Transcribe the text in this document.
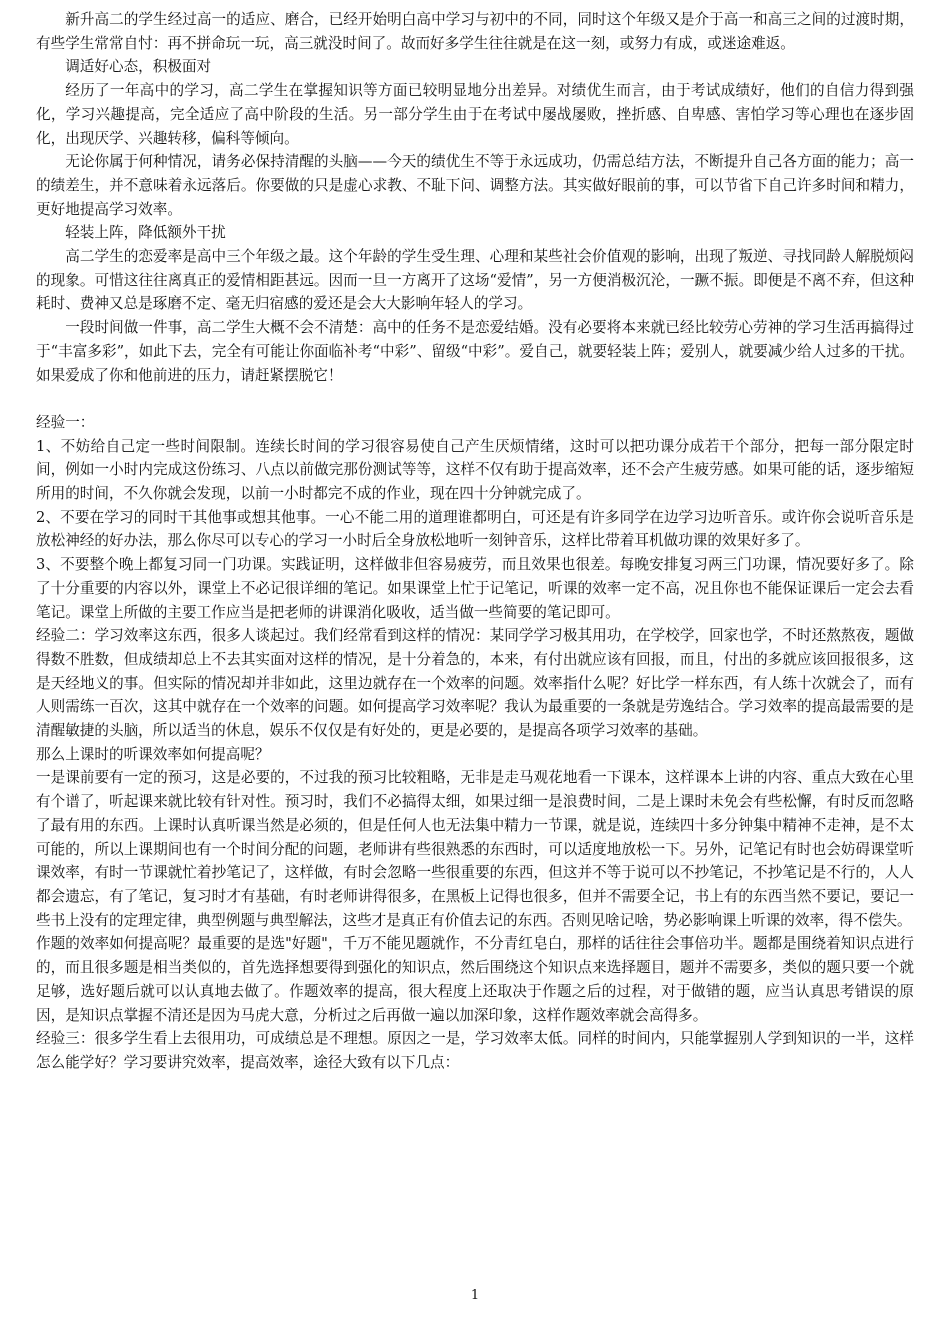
新升高二的学生经过高一的适应、磨合，已经开始明白高中学习与初中的不同，同时这个年级又是介于高一和高三之间的过渡时期，有些学生常常自忖：再不拼命玩一玩，高三就没时间了。故而好多学生往往就是在这一刻，或努力有成，或迷途难返。

调适好心态，积极面对

经历了一年高中的学习，高二学生在掌握知识等方面已较明显地分出差异。对绩优生而言，由于考试成绩好，他们的自信力得到强化，学习兴趣提高，完全适应了高中阶段的生活。另一部分学生由于在考试中屡战屡败，挫折感、自卑感、害怕学习等心理也在逐步固化，出现厌学、兴趣转移，偏科等倾向。

无论你属于何种情况，请务必保持清醒的头脑——今天的绩优生不等于永远成功，仍需总结方法，不断提升自己各方面的能力；高一的绩差生，并不意味着永远落后。你要做的只是虚心求教、不耻下问、调整方法。其实做好眼前的事，可以节省下自己许多时间和精力，更好地提高学习效率。

轻装上阵，降低额外干扰

高二学生的恋爱率是高中三个年级之最。这个年龄的学生受生理、心理和某些社会价值观的影响，出现了叛逆、寻找同龄人解脱烦闷的现象。可惜这往往离真正的爱情相距甚远。因而一旦一方离开了这场“爱情”，另一方便消极沉沦，一蹶不振。即便是不离不弃，但这种耗时、费神又总是琢磨不定、毫无归宿感的爱还是会大大影响年轻人的学习。

一段时间做一件事，高二学生大概不会不清楚：高中的任务不是恋爱结婚。没有必要将本来就已经比较劳心劳神的学习生活再搞得过于“丰富多彩”，如此下去，完全有可能让你面临补考“中彩”、留级“中彩”。爱自己，就要轻装上阵；爱别人，就要减少给人过多的干扰。如果爱成了你和他前进的压力，请赶紧摆脱它！

经验一：

1、不妨给自己定一些时间限制。连续长时间的学习很容易使自己产生厌烦情绪，这时可以把功课分成若干个部分，把每一部分限定时间，例如一小时内完成这份练习、八点以前做完那份测试等等，这样不仅有助于提高效率，还不会产生疲劳感。如果可能的话，逐步缩短所用的时间，不久你就会发现，以前一小时都完不成的作业，现在四十分钟就完成了。

2、不要在学习的同时干其他事或想其他事。一心不能二用的道理谁都明白，可还是有许多同学在边学习边听音乐。或许你会说听音乐是放松神经的好办法，那么你尽可以专心的学习一小时后全身放松地听一刻钟音乐，这样比带着耳机做功课的效果好多了。

3、不要整个晚上都复习同一门功课。实践证明，这样做非但容易疲劳，而且效果也很差。每晚安排复习两三门功课，情况要好多了。除了十分重要的内容以外，课堂上不必记很详细的笔记。如果课堂上忙于记笔记，听课的效率一定不高，况且你也不能保证课后一定会去看笔记。课堂上所做的主要工作应当是把老师的讲课消化吸收，适当做一些简要的笔记即可。

经验二：学习效率这东西，很多人谈起过。我们经常看到这样的情况：某同学学习极其用功，在学校学，回家也学，不时还熬熬夜，题做得数不胜数，但成绩却总上不去其实面对这样的情况，是十分着急的，本来，有付出就应该有回报，而且，付出的多就应该回报很多，这是天经地义的事。但实际的情况却并非如此，这里边就存在一个效率的问题。效率指什么呢？好比学一样东西，有人练十次就会了，而有人则需练一百次，这其中就存在一个效率的问题。如何提高学习效率呢？我认为最重要的一条就是劳逸结合。学习效率的提高最需要的是清醒敏捷的头脑，所以适当的休息，娱乐不仅仅是有好处的，更是必要的，是提高各项学习效率的基础。

那么上课时的听课效率如何提高呢？

一是课前要有一定的预习，这是必要的，不过我的预习比较粗略，无非是走马观花地看一下课本，这样课本上讲的内容、重点大致在心里有个谱了，听起课来就比较有针对性。预习时，我们不必搞得太细，如果过细一是浪费时间，二是上课时未免会有些松懈，有时反而忽略了最有用的东西。上课时认真听课当然是必须的，但是任何人也无法集中精力一节课，就是说，连续四十多分钟集中精神不走神，是不太可能的，所以上课期间也有一个时间分配的问题，老师讲有些很熟悉的东西时，可以适度地放松一下。另外，记笔记有时也会妨碍课堂听课效率，有时一节课就忙着抄笔记了，这样做，有时会忽略一些很重要的东西，但这并不等于说可以不抄笔记，不抄笔记是不行的，人人都会遗忘，有了笔记，复习时才有基础，有时老师讲得很多，在黑板上记得也很多，但并不需要全记，书上有的东西当然不要记，要记一些书上没有的定理定律，典型例题与典型解法，这些才是真正有价值去记的东西。否则见啥记啥，势必影响课上听课的效率，得不偿失。

作题的效率如何提高呢？最重要的是选"好题"，千万不能见题就作，不分青红皂白，那样的话往往会事倍功半。题都是围绕着知识点进行的，而且很多题是相当类似的，首先选择想要得到强化的知识点，然后围绕这个知识点来选择题目，题并不需要多，类似的题只要一个就足够，选好题后就可以认真地去做了。作题效率的提高，很大程度上还取决于作题之后的过程，对于做错的题，应当认真思考错误的原因，是知识点掌握不清还是因为马虎大意，分析过之后再做一遍以加深印象，这样作题效率就会高得多。

经验三：很多学生看上去很用功，可成绩总是不理想。原因之一是，学习效率太低。同样的时间内，只能掌握别人学到知识的一半，这样怎么能学好？学习要讲究效率，提高效率，途径大致有以下几点：

1
